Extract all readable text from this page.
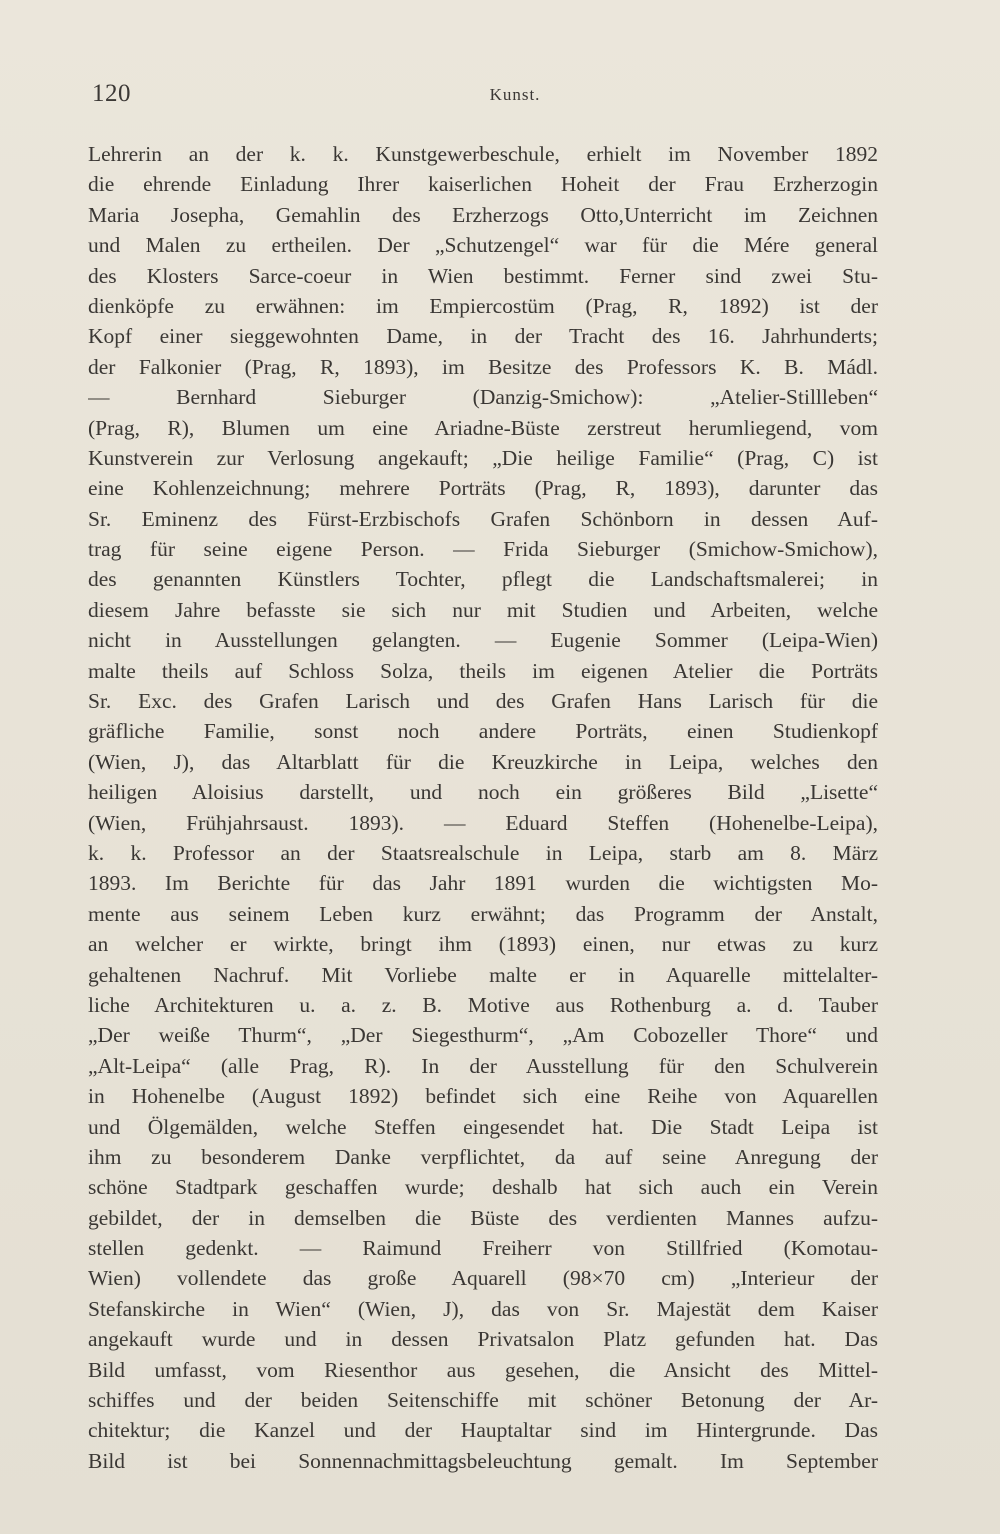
120	Kunst.
Lehrerin an der k. k. Kunstgewerbeschule, erhielt im November 1892
die ehrende Einladung Ihrer kaiserlichen Hoheit der Frau Erzherzogin
Maria Josepha, Gemahlin des Erzherzogs Otto,Unterricht im Zeichnen
und Malen zu ertheilen. Der „Schutzengel“ war für die Mére general
des Klosters Sarce-coeur in Wien bestimmt. Ferner sind zwei Stu-
dienköpfe zu erwähnen: im Empiercostüm (Prag, R, 1892) ist der
Kopf einer sieggewohnten Dame, in der Tracht des 16. Jahrhunderts;
der Falkonier (Prag, R, 1893), im Besitze des Professors K. B. Mádl.
— Bernhard Sieburger (Danzig-Smichow): „Atelier-Stillleben“
(Prag, R), Blumen um eine Ariadne-Büste zerstreut herumliegend, vom
Kunstverein zur Verlosung angekauft; „Die heilige Familie“ (Prag, C) ist
eine Kohlenzeichnung; mehrere Porträts (Prag, R, 1893), darunter das
Sr. Eminenz des Fürst-Erzbischofs Grafen Schönborn in dessen Auf-
trag für seine eigene Person. — Frida Sieburger (Smichow-Smichow),
des genannten Künstlers Tochter, pflegt die Landschaftsmalerei; in
diesem Jahre befasste sie sich nur mit Studien und Arbeiten, welche
nicht in Ausstellungen gelangten. — Eugenie Sommer (Leipa-Wien)
malte theils auf Schloss Solza, theils im eigenen Atelier die Porträts
Sr. Exc. des Grafen Larisch und des Grafen Hans Larisch für die
gräfliche Familie, sonst noch andere Porträts, einen Studienkopf
(Wien, J), das Altarblatt für die Kreuzkirche in Leipa, welches den
heiligen Aloisius darstellt, und noch ein größeres Bild „Lisette“
(Wien, Frühjahrsaust. 1893). — Eduard Steffen (Hohenelbe-Leipa),
k. k. Professor an der Staatsrealschule in Leipa, starb am 8. März
1893. Im Berichte für das Jahr 1891 wurden die wichtigsten Mo-
mente aus seinem Leben kurz erwähnt; das Programm der Anstalt,
an welcher er wirkte, bringt ihm (1893) einen, nur etwas zu kurz
gehaltenen Nachruf. Mit Vorliebe malte er in Aquarelle mittelalter-
liche Architekturen u. a. z. B. Motive aus Rothenburg a. d. Tauber
„Der weiße Thurm“, „Der Siegesthurm“, „Am Cobozeller Thore“ und
„Alt-Leipa“ (alle Prag, R). In der Ausstellung für den Schulverein
in Hohenelbe (August 1892) befindet sich eine Reihe von Aquarellen
und Ölgemälden, welche Steffen eingesendet hat. Die Stadt Leipa ist
ihm zu besonderem Danke verpflichtet, da auf seine Anregung der
schöne Stadtpark geschaffen wurde; deshalb hat sich auch ein Verein
gebildet, der in demselben die Büste des verdienten Mannes aufzu-
stellen gedenkt. — Raimund Freiherr von Stillfried (Komotau-
Wien) vollendete das große Aquarell (98×70 cm) „Interieur der
Stefanskirche in Wien“ (Wien, J), das von Sr. Majestät dem Kaiser
angekauft wurde und in dessen Privatsalon Platz gefunden hat. Das
Bild umfasst, vom Riesenthor aus gesehen, die Ansicht des Mittel-
schiffes und der beiden Seitenschiffe mit schöner Betonung der Ar-
chitektur; die Kanzel und der Hauptaltar sind im Hintergrunde. Das
Bild ist bei Sonnennachmittagsbeleuchtung gemalt. Im September
